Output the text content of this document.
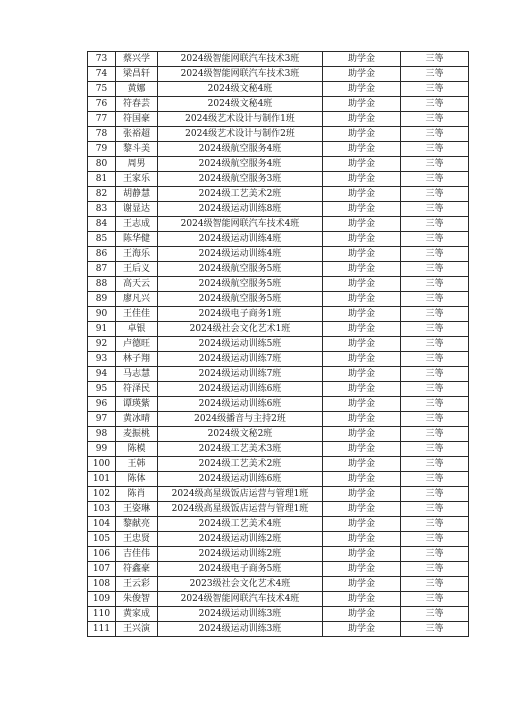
73	蔡兴学	2024级智能网联汽车技术3班	助学金	三等
74	梁昌轩	2024级智能网联汽车技术3班	助学金	三等
75	黄娜	2024级文秘4班	助学金	三等
76	符春芸	2024级文秘4班	助学金	三等
77	符国豪	2024级艺术设计与制作1班	助学金	三等
78	张裕超	2024级艺术设计与制作2班	助学金	三等
79	黎斗美	2024级航空服务4班	助学金	三等
80	周男	2024级航空服务4班	助学金	三等
81	王家乐	2024级航空服务3班	助学金	三等
82	胡静慧	2024级工艺美术2班	助学金	三等
83	谢显达	2024级运动训练8班	助学金	三等
84	王志成	2024级智能网联汽车技术4班	助学金	三等
85	陈华健	2024级运动训练4班	助学金	三等
86	王海乐	2024级运动训练4班	助学金	三等
87	王后义	2024级航空服务5班	助学金	三等
88	高天云	2024级航空服务5班	助学金	三等
89	廖凡兴	2024级航空服务5班	助学金	三等
90	王佳佳	2024级电子商务1班	助学金	三等
91	卓银	2024级社会文化艺术1班	助学金	三等
92	卢德旺	2024级运动训练5班	助学金	三等
93	林子翔	2024级运动训练7班	助学金	三等
94	马志慧	2024级运动训练7班	助学金	三等
95	符泽民	2024级运动训练6班	助学金	三等
96	谭瑛紫	2024级运动训练6班	助学金	三等
97	黄冰晴	2024级播音与主持2班	助学金	三等
98	麦振桃	2024级文秘2班	助学金	三等
99	陈模	2024级工艺美术3班	助学金	三等
100	王韩	2024级工艺美术2班	助学金	三等
101	陈体	2024级运动训练6班	助学金	三等
102	陈肖	2024级高星级饭店运营与管理1班	助学金	三等
103	王姿琳	2024级高星级饭店运营与管理1班	助学金	三等
104	黎献亮	2024级工艺美术4班	助学金	三等
105	王忠贤	2024级运动训练2班	助学金	三等
106	吉佳伟	2024级运动训练2班	助学金	三等
107	符鑫豪	2024级电子商务5班	助学金	三等
108	王云彩	2023级社会文化艺术4班	助学金	三等
109	朱俊智	2024级智能网联汽车技术4班	助学金	三等
110	黄家成	2024级运动训练3班	助学金	三等
111	王兴演	2024级运动训练3班	助学金	三等
